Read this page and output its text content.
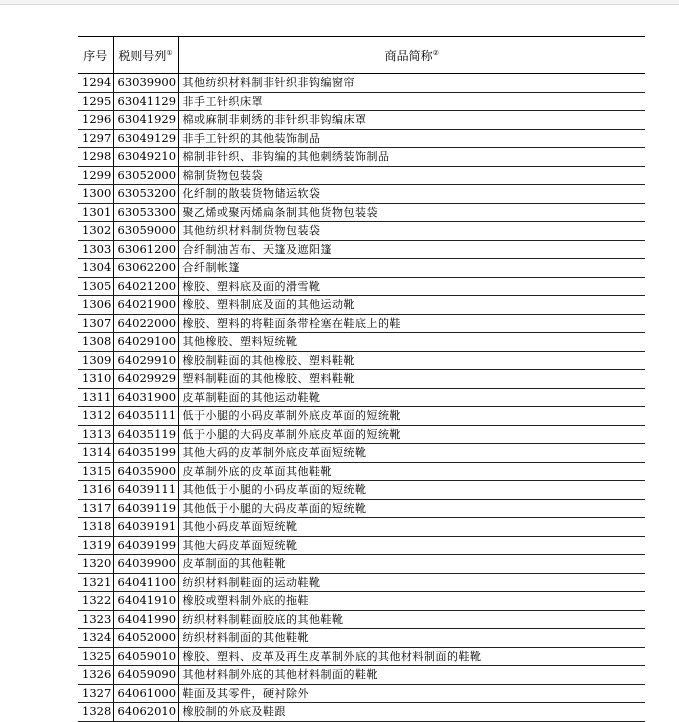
序号	税则号列①	商品简称②
1294	63039900	其他纺织材料制非针织非钩编窗帘
1295	63041129	非手工针织床罩
1296	63041929	棉或麻制非刺绣的非针织非钩编床罩
1297	63049129	非手工针织的其他装饰制品
1298	63049210	棉制非针织、非钩编的其他刺绣装饰制品
1299	63052000	棉制货物包装袋
1300	63053200	化纤制的散装货物储运软袋
1301	63053300	聚乙烯或聚丙烯扁条制其他货物包装袋
1302	63059000	其他纺织材料制货物包装袋
1303	63061200	合纤制油苫布、天篷及遮阳篷
1304	63062200	合纤制帐篷
1305	64021200	橡胶、塑料底及面的滑雪靴
1306	64021900	橡胶、塑料制底及面的其他运动靴
1307	64022000	橡胶、塑料的将鞋面条带栓塞在鞋底上的鞋
1308	64029100	其他橡胶、塑料短统靴
1309	64029910	橡胶制鞋面的其他橡胶、塑料鞋靴
1310	64029929	塑料制鞋面的其他橡胶、塑料鞋靴
1311	64031900	皮革制鞋面的其他运动鞋靴
1312	64035111	低于小腿的小码皮革制外底皮革面的短统靴
1313	64035119	低于小腿的大码皮革制外底皮革面的短统靴
1314	64035199	其他大码的皮革制外底皮革面短统靴
1315	64035900	皮革制外底的皮革面其他鞋靴
1316	64039111	其他低于小腿的小码皮革面的短统靴
1317	64039119	其他低于小腿的大码皮革面的短统靴
1318	64039191	其他小码皮革面短统靴
1319	64039199	其他大码皮革面短统靴
1320	64039900	皮革制面的其他鞋靴
1321	64041100	纺织材料制鞋面的运动鞋靴
1322	64041910	橡胶或塑料制外底的拖鞋
1323	64041990	纺织材料制鞋面胶底的其他鞋靴
1324	64052000	纺织材料制面的其他鞋靴
1325	64059010	橡胶、塑料、皮革及再生皮革制外底的其他材料制面的鞋靴
1326	64059090	其他材料制外底的其他材料制面的鞋靴
1327	64061000	鞋面及其零件，硬衬除外
1328	64062010	橡胶制的外底及鞋跟
